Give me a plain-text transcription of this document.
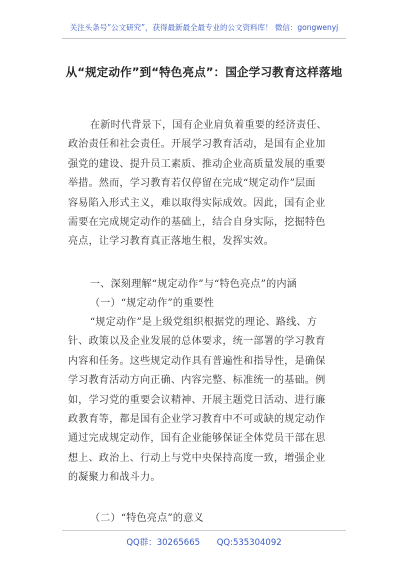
关注头条号“公文研究”，获得最新最全最专业的公文资料库！ 微信：gongwenyj
从“规定动作”到“特色亮点”：国企学习教育这样落地
在新时代背景下，国有企业肩负着重要的经济责任、
政治责任和社会责任。开展学习教育活动，是国有企业加
强党的建设、提升员工素质、推动企业高质量发展的重要
举措。然而，学习教育若仅停留在完成“规定动作”层面
容易陷入形式主义，难以取得实际成效。因此，国有企业
需要在完成规定动作的基础上，结合自身实际，挖掘特色
亮点，让学习教育真正落地生根，发挥实效。
一、深刻理解“规定动作”与“特色亮点”的内涵
（一）“规定动作”的重要性
“规定动作”是上级党组织根据党的理论、路线、方
针、政策以及企业发展的总体要求，统一部署的学习教育
内容和任务。这些规定动作具有普遍性和指导性，是确保
学习教育活动方向正确、内容完整、标准统一的基础。例
如，学习党的重要会议精神、开展主题党日活动、进行廉
政教育等，都是国有企业学习教育中不可或缺的规定动作
通过完成规定动作，国有企业能够保证全体党员干部在思
想上、政治上、行动上与党中央保持高度一致，增强企业
的凝聚力和战斗力。
（二）“特色亮点”的意义
QQ群：30265665 QQ:535304092
